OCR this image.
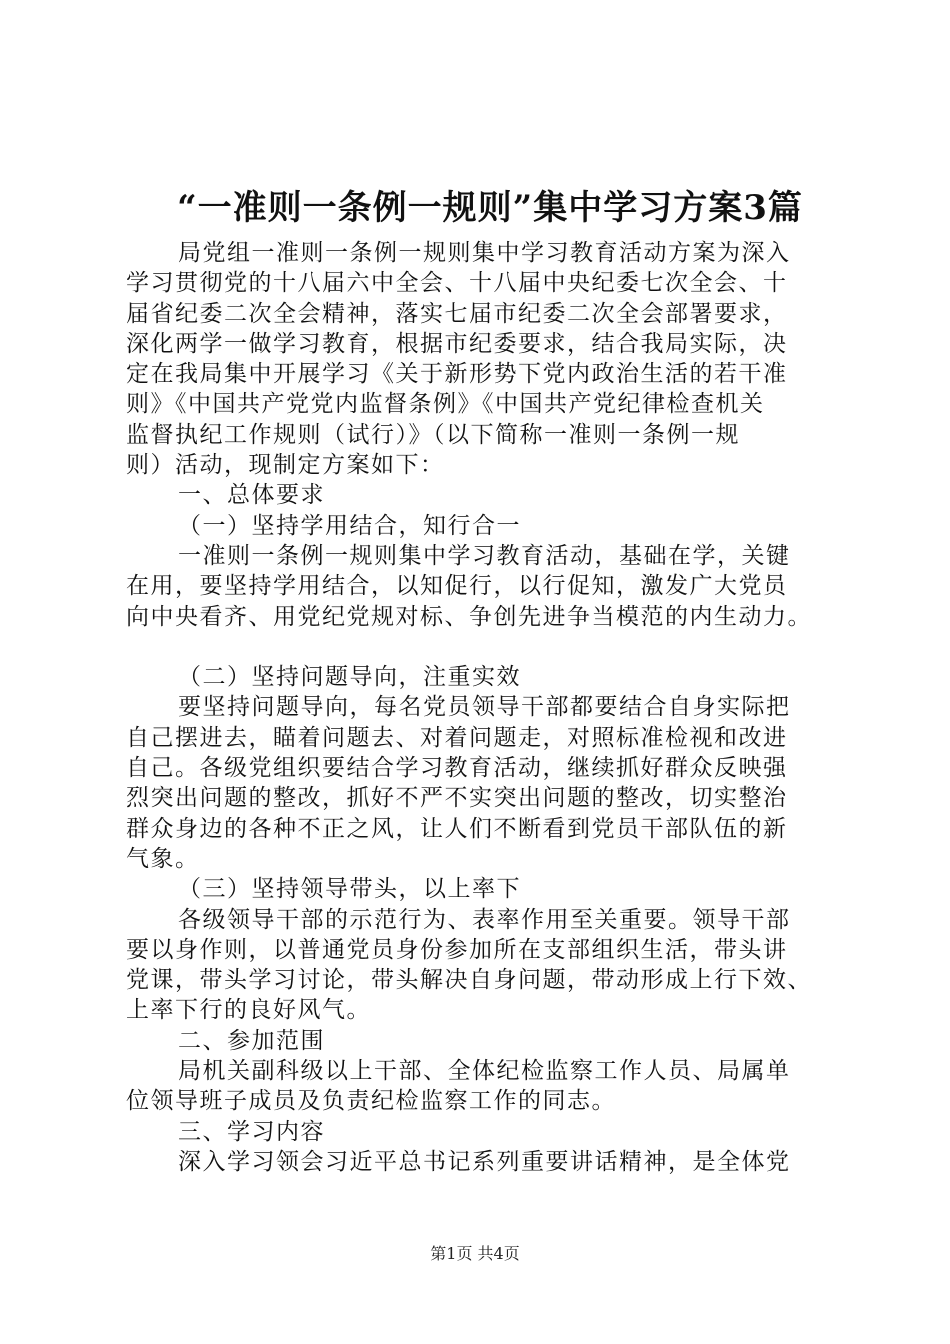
“一准则一条例一规则”集中学习方案3篇
局党组一准则一条例一规则集中学习教育活动方案为深入
学习贯彻党的十八届六中全会、十八届中央纪委七次全会、十
届省纪委二次全会精神，落实七届市纪委二次全会部署要求，
深化两学一做学习教育，根据市纪委要求，结合我局实际，决
定在我局集中开展学习《关于新形势下党内政治生活的若干准
则》《中国共产党党内监督条例》《中国共产党纪律检查机关
监督执纪工作规则（试行）》（以下简称一准则一条例一规
则）活动，现制定方案如下：
一、总体要求
（一）坚持学用结合，知行合一
一准则一条例一规则集中学习教育活动，基础在学，关键
在用，要坚持学用结合，以知促行，以行促知，激发广大党员
向中央看齐、用党纪党规对标、争创先进争当模范的内生动力。
（二）坚持问题导向，注重实效
要坚持问题导向，每名党员领导干部都要结合自身实际把
自己摆进去，瞄着问题去、对着问题走，对照标准检视和改进
自己。各级党组织要结合学习教育活动，继续抓好群众反映强
烈突出问题的整改，抓好不严不实突出问题的整改，切实整治
群众身边的各种不正之风，让人们不断看到党员干部队伍的新
气象。
（三）坚持领导带头，以上率下
各级领导干部的示范行为、表率作用至关重要。领导干部
要以身作则，以普通党员身份参加所在支部组织生活，带头讲
党课，带头学习讨论，带头解决自身问题，带动形成上行下效、
上率下行的良好风气。
二、参加范围
局机关副科级以上干部、全体纪检监察工作人员、局属单
位领导班子成员及负责纪检监察工作的同志。
三、学习内容
深入学习领会习近平总书记系列重要讲话精神，是全体党
第1页 共4页
